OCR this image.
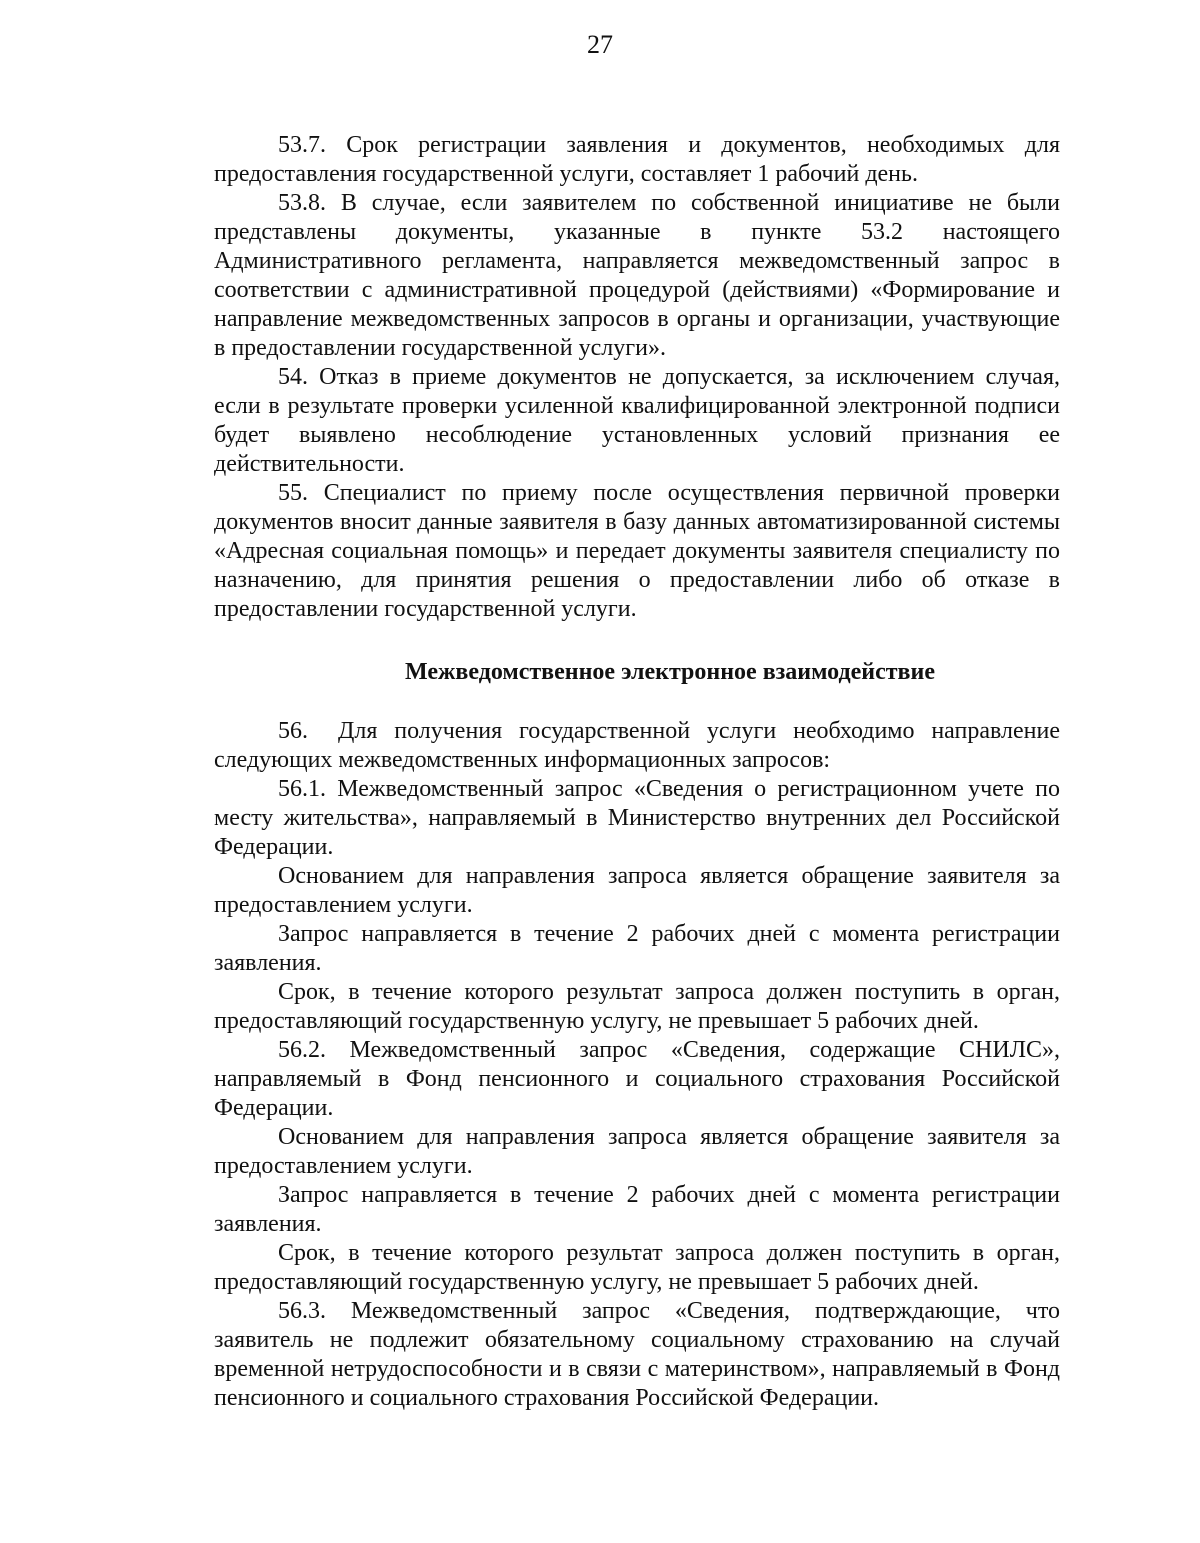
27

53.7. Срок регистрации заявления и документов, необходимых для предоставления государственной услуги, составляет 1 рабочий день.

53.8. В случае, если заявителем по собственной инициативе не были представлены документы, указанные в пункте 53.2 настоящего Административного регламента, направляется межведомственный запрос в соответствии с административной процедурой (действиями) «Формирование и направление межведомственных запросов в органы и организации, участвующие в предоставлении государственной услуги».

54. Отказ в приеме документов не допускается, за исключением случая, если в результате проверки усиленной квалифицированной электронной подписи будет выявлено несоблюдение установленных условий признания ее действительности.

55. Специалист по приему после осуществления первичной проверки документов вносит данные заявителя в базу данных автоматизированной системы «Адресная социальная помощь» и передает документы заявителя специалисту по назначению, для принятия решения о предоставлении либо об отказе в предоставлении государственной услуги.

Межведомственное электронное взаимодействие

56. Для получения государственной услуги необходимо направление следующих межведомственных информационных запросов:

56.1. Межведомственный запрос «Сведения о регистрационном учете по месту жительства», направляемый в Министерство внутренних дел Российской Федерации.

Основанием для направления запроса является обращение заявителя за предоставлением услуги.

Запрос направляется в течение 2 рабочих дней с момента регистрации заявления.

Срок, в течение которого результат запроса должен поступить в орган, предоставляющий государственную услугу, не превышает 5 рабочих дней.

56.2. Межведомственный запрос «Сведения, содержащие СНИЛС», направляемый в Фонд пенсионного и социального страхования Российской Федерации.

Основанием для направления запроса является обращение заявителя за предоставлением услуги.

Запрос направляется в течение 2 рабочих дней с момента регистрации заявления.

Срок, в течение которого результат запроса должен поступить в орган, предоставляющий государственную услугу, не превышает 5 рабочих дней.

56.3. Межведомственный запрос «Сведения, подтверждающие, что заявитель не подлежит обязательному социальному страхованию на случай временной нетрудоспособности и в связи с материнством», направляемый в Фонд пенсионного и социального страхования Российской Федерации.
